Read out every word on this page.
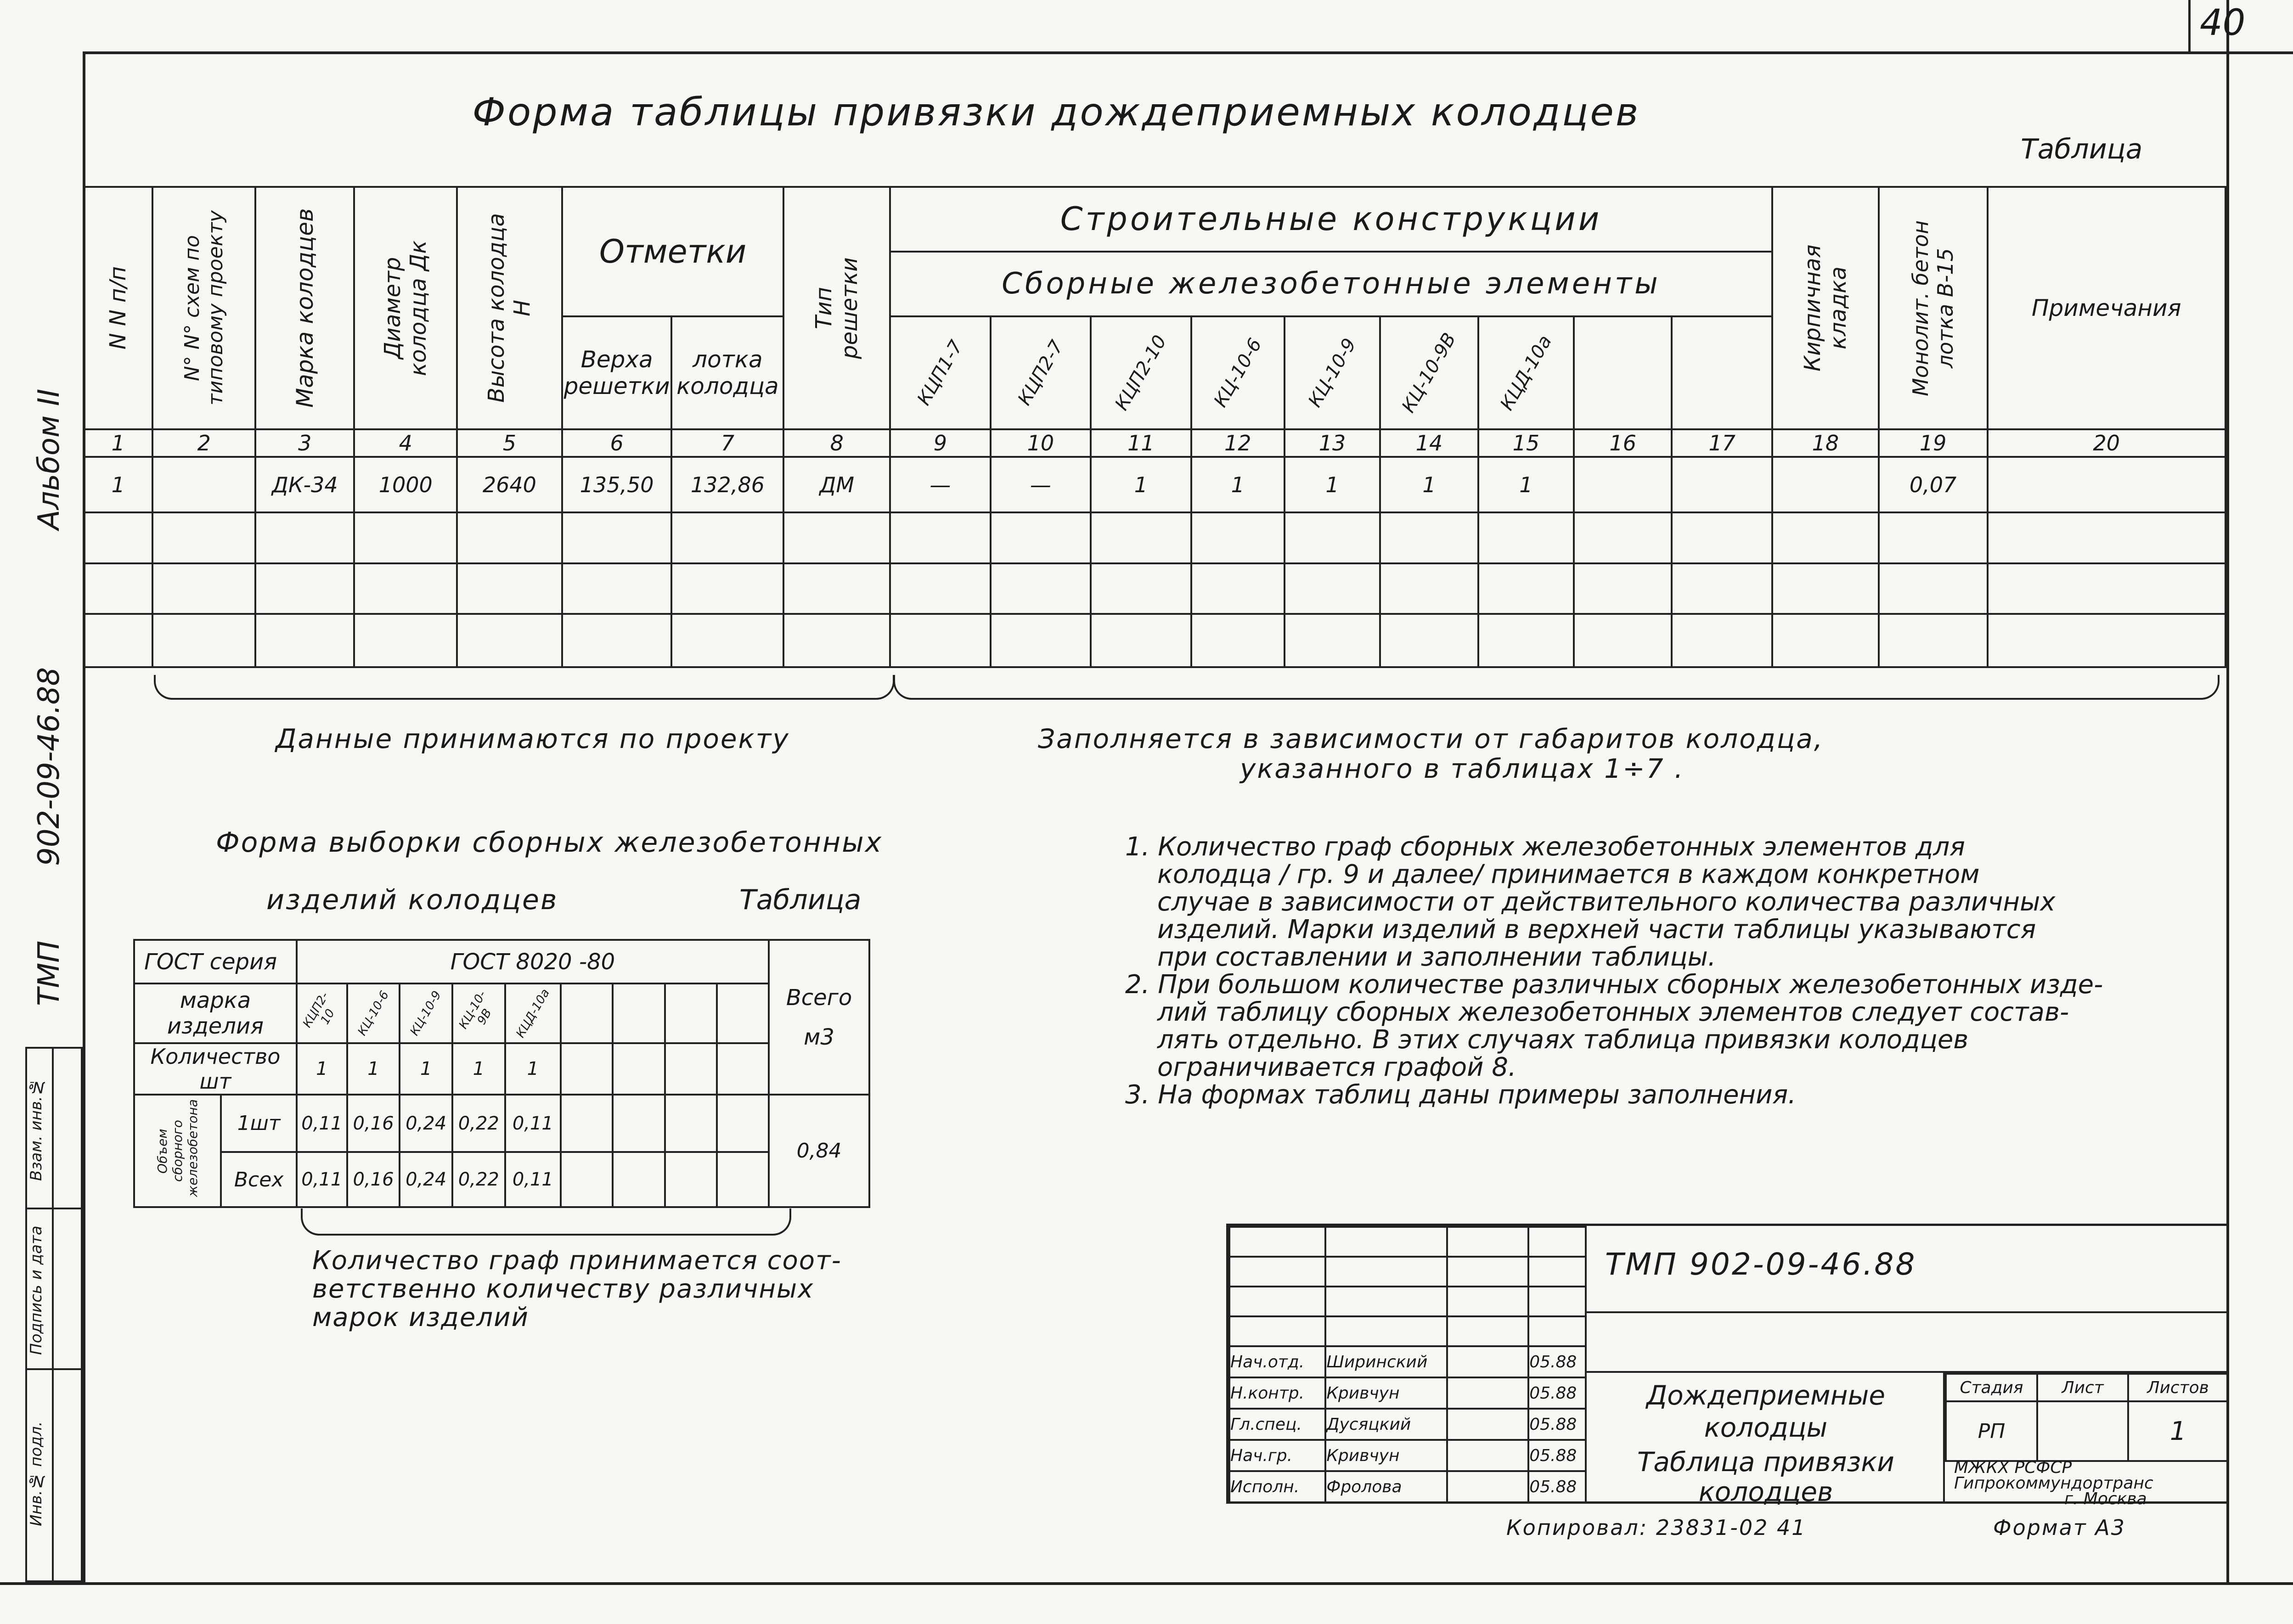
40
Взам. инв.№
Подпись и дата
Инв.№ подл.
Альбом II
902-09-46.88
ТМП
Форма таблицы привязки дождеприемных колодцев
Таблица
N N п/п	N° N° схем по типовому проекту	Марка колодцев	Диаметр колодца Дк	Высота колодца Н	Отметки		Тип решетки	Строительные конструкции									Кирпичная кладка	Монолит. бетон лотка В-15	Примечания

								Сборные железобетонные элементы											

					Верха решетки	лотка колодца		КЦП1-7	КЦП2-7	КЦП2-10	КЦ-10-6	КЦ-10-9	КЦ-10-9В	КЦД-10а					

1	2	3	4	5	6	7	8	9	10	11	12	13	14	15	16	17	18	19	20
1		ДК-34	1000	2640	135,50	132,86	ДМ	—	—	1	1	1	1	1				0,07	

Данные принимаются по проекту	Заполняется в зависимости от габаритов колодца,
указанного в таблицах 1÷7 .
Форма выборки сборных железобетонных
изделий колодцев	Таблица
ГОСТ серия		ГОСТ 8020 -80									Всего
м3

марка изделия		КЦП2-10	КЦ-10-6	КЦ-10-9	КЦ-10-9В	КЦД-10а					

Количество шт		1	1	1	1	1					

Объем сборного железобетона	1шт	0,11	0,16	0,24	0,22	0,11					0,84
	Всех	0,11	0,16	0,24	0,22	0,11					
Количество граф принимается соот-
ветственно количеству различных
марок изделий
1. Количество граф сборных железобетонных элементов для
колодца / гр. 9 и далее/ принимается в каждом конкретном
случае в зависимости от действительного количества различных
изделий. Марки изделий в верхней части таблицы указываются
при составлении и заполнении таблицы.
2. При большом количестве различных сборных железобетонных изде-
лий таблицу сборных железобетонных элементов следует состав-
лять отдельно. В этих случаях таблица привязки колодцев
ограничивается графой 8.
3. На формах таблиц даны примеры заполнения.

Нач.отд.	Ширинский		05.88
Н.контр.	Кривчун		05.88
Гл.спец.	Дусяцкий		05.88
Нач.гр.	Кривчун		05.88
Исполн.	Фролова		05.88
ТМП 902-09-46.88
Дождеприемные
колодцы
Таблица привязки
колодцев
Стадия	Лист	Листов
РП		1
МЖКХ РСФСР
Гипрокоммундортранс
г. Москва
Копировал: 23831-02 41	Формат А3
